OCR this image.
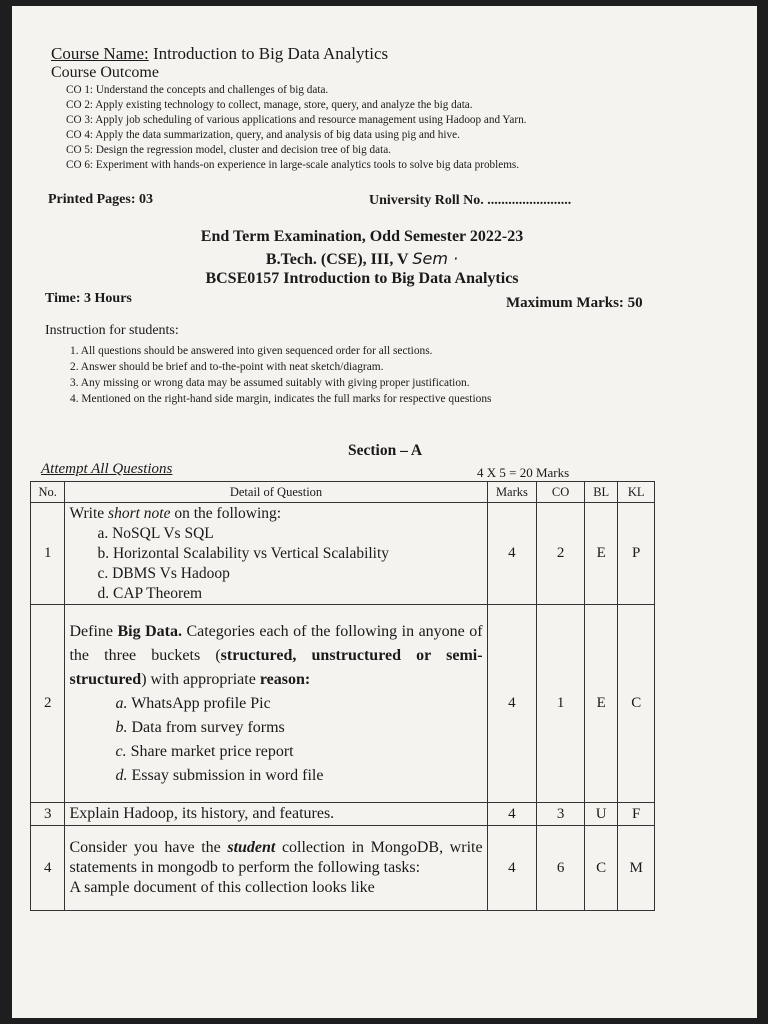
Course Name: Introduction to Big Data Analytics
Course Outcome
CO 1: Understand the concepts and challenges of big data.
CO 2: Apply existing technology to collect, manage, store, query, and analyze the big data.
CO 3: Apply job scheduling of various applications and resource management using Hadoop and Yarn.
CO 4: Apply the data summarization, query, and analysis of big data using pig and hive.
CO 5: Design the regression model, cluster and decision tree of big data.
CO 6: Experiment with hands-on experience in large-scale analytics tools to solve big data problems.
Printed Pages: 03	University Roll No. ........................
End Term Examination, Odd Semester 2022-23
B.Tech. (CSE), III, V Sem ·
BCSE0157 Introduction to Big Data Analytics
Time: 3 Hours	Maximum Marks: 50
Instruction for students:
1. All questions should be answered into given sequenced order for all sections.
2. Answer should be brief and to-the-point with neat sketch/diagram.
3. Any missing or wrong data may be assumed suitably with giving proper justification.
4. Mentioned on the right-hand side margin, indicates the full marks for respective questions
Section – A
Attempt All Questions	4 X 5 = 20 Marks
No.	Detail of Question	Marks	CO	BL	KL
1	Write short note on the following:
a. NoSQL Vs SQL
b. Horizontal Scalability vs Vertical Scalability
c. DBMS Vs Hadoop
d. CAP Theorem	4	2	E	P
2	Define Big Data. Categories each of the following in anyone of the three buckets (structured, unstructured or semi-structured) with appropriate reason:
a. WhatsApp profile Pic
b. Data from survey forms
c. Share market price report
d. Essay submission in word file	4	1	E	C
3	Explain Hadoop, its history, and features.	4	3	U	F
4	Consider you have the student collection in MongoDB, write statements in mongodb to perform the following tasks:
A sample document of this collection looks like	4	6	C	M
